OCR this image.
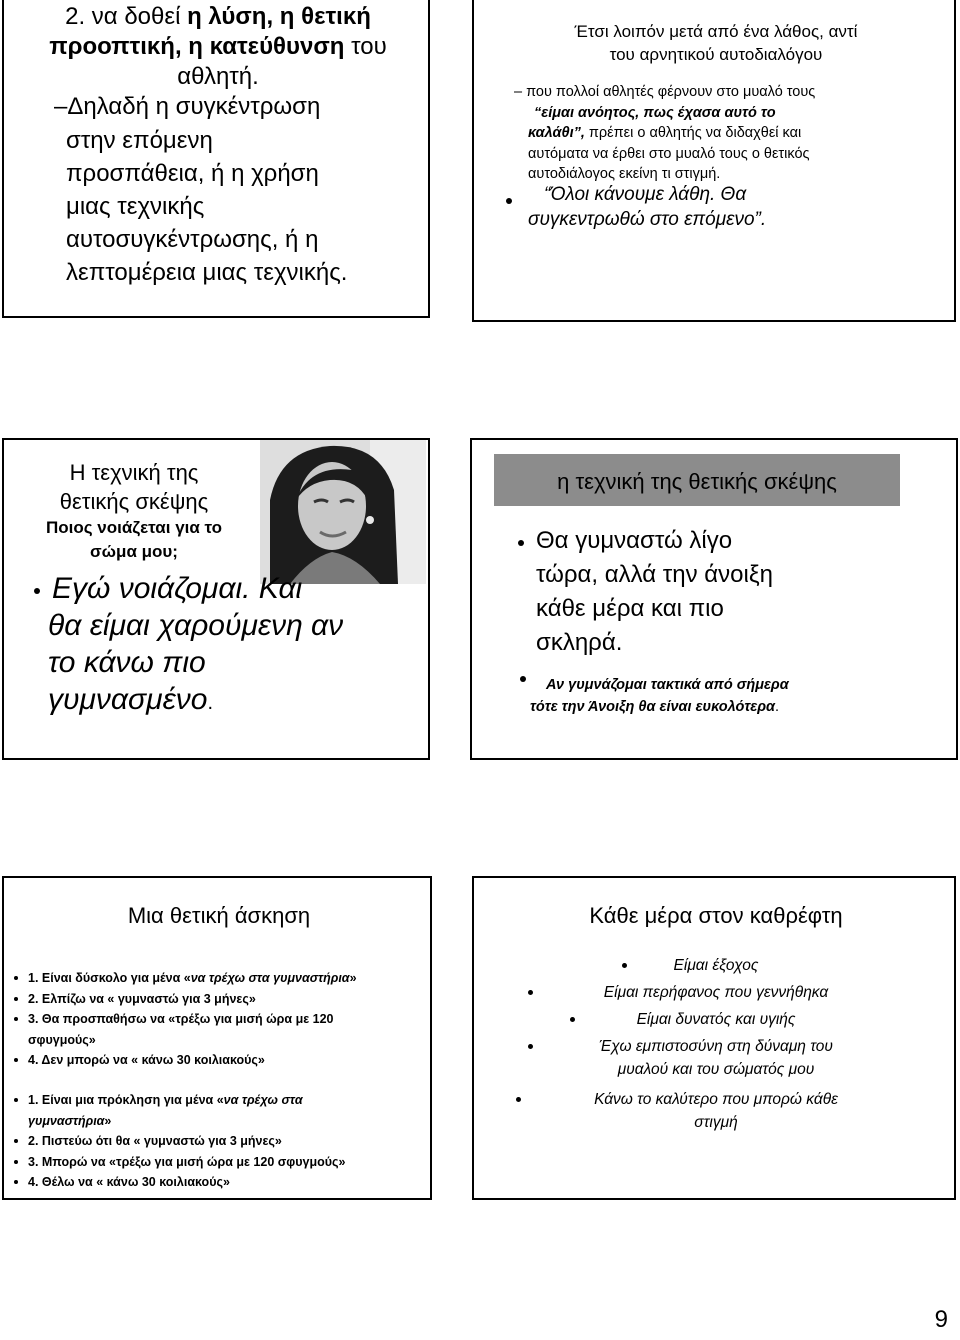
2. να δοθεί η λύση, η θετική
προοπτική, η κατεύθυνση του
αθλητή.
–Δηλαδή η συγκέντρωση
στην επόμενη
προσπάθεια, ή η χρήση
μιας τεχνικής
αυτοσυγκέντρωσης, ή η
λεπτομέρεια μιας τεχνικής.
Έτσι λοιπόν μετά από ένα λάθος, αντί
του αρνητικού αυτοδιαλόγου
– που πολλοί αθλητές φέρνουν στο μυαλό τους
“είμαι ανόητος, πως έχασα αυτό το
καλάθι”, πρέπει ο αθλητής να διδαχθεί και
αυτόματα να έρθει στο μυαλό τους ο θετικός
αυτοδιάλογος εκείνη τι στιγμή.
“Όλοι κάνουμε λάθη. Θα
συγκεντρωθώ στο επόμενο”.
Η τεχνική της
θετικής σκέψης
Ποιος νοιάζεται για το
σώμα μου;
Εγώ νοιάζομαι. Και
θα είμαι χαρούμενη αν
το κάνω πιο
γυμνασμένο.
η τεχνική της θετικής σκέψης
Θα γυμναστώ λίγο
τώρα, αλλά την άνοιξη
κάθε μέρα και πιο
σκληρά.
Αν γυμνάζομαι τακτικά από σήμερα
τότε την Άνοιξη θα είναι ευκολότερα.
Μια θετική άσκηση
1. Είναι δύσκολο για μένα «να τρέχω στα γυμναστήρια»
2. Ελπίζω να « γυμναστώ για 3 μήνες»
3. Θα προσπαθήσω να «τρέξω για μισή ώρα με 120
σφυγμούς»
4. Δεν μπορώ να « κάνω 30 κοιλιακούς»
1. Είναι μια πρόκληση για μένα «να τρέχω στα
γυμναστήρια»
2. Πιστεύω ότι θα « γυμναστώ για 3 μήνες»
3. Μπορώ να «τρέξω για μισή ώρα με 120 σφυγμούς»
4. Θέλω να « κάνω 30 κοιλιακούς»
Κάθε μέρα στον καθρέφτη
Είμαι έξοχος
Είμαι περήφανος που γεννήθηκα
Είμαι δυνατός και υγιής
Έχω εμπιστοσύνη στη δύναμη του
μυαλού και του σώματός μου
Κάνω το καλύτερο που μπορώ κάθε
στιγμή
9
